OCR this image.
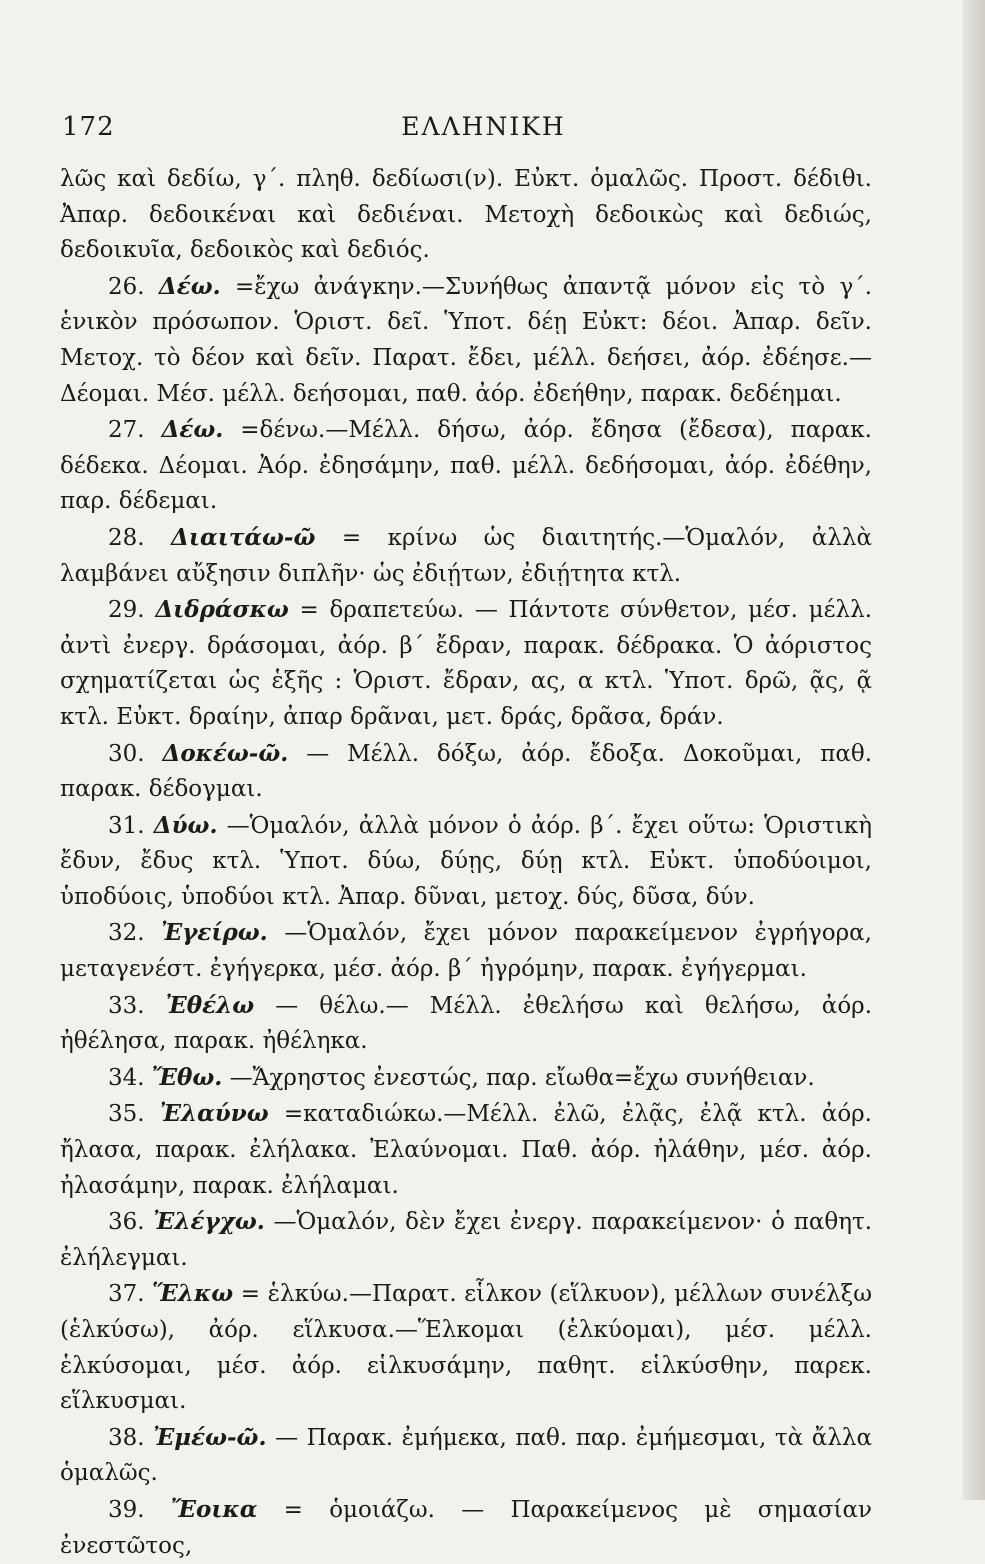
172	ΕΛΛΗΝΙΚΗ

λῶς καὶ δεδίω, γ΄. πληθ. δεδίωσι(ν). Εὐκτ. ὁμαλῶς. Προστ. δέδιθι. Ἀπαρ. δεδοικέναι καὶ δεδιέναι. Μετοχὴ δεδοικὼς καὶ δεδιώς, δεδοικυῖα, δεδοικὸς καὶ δεδιός.

26. Δέω. =ἔχω ἀνάγκην.—Συνήθως ἀπαντᾷ μόνον εἰς τὸ γ΄. ἑνικὸν πρόσωπον. Ὁριστ. δεῖ. Ὑποτ. δέῃ Εὐκτ: δέοι. Ἀπαρ. δεῖν. Μετοχ. τὸ δέον καὶ δεῖν. Παρατ. ἔδει, μέλλ. δεήσει, ἀόρ. ἐδέησε.—Δέομαι. Μέσ. μέλλ. δεήσομαι, παθ. ἀόρ. ἐδεήθην, παρακ. δεδέημαι.

27. Δέω. =δένω.—Μέλλ. δήσω, ἀόρ. ἔδησα (ἔδεσα), παρακ. δέδεκα. Δέομαι. Ἀόρ. ἐδησάμην, παθ. μέλλ. δεδήσομαι, ἀόρ. ἐδέθην, παρ. δέδεμαι.

28. Διαιτάω-ῶ = κρίνω ὡς διαιτητής.—Ὁμαλόν, ἀλλὰ λαμβάνει αὔξησιν διπλῆν· ὡς ἐδιῄτων, ἐδιῄτητα κτλ.

29. Διδράσκω = δραπετεύω. — Πάντοτε σύνθετον, μέσ. μέλλ. ἀντὶ ἐνεργ. δράσομαι, ἀόρ. β΄ ἔδραν, παρακ. δέδρακα. Ὁ ἀόριστος σχηματίζεται ὡς ἑξῆς : Ὁριστ. ἔδραν, ας, α κτλ. Ὑποτ. δρῶ, ᾷς, ᾷ κτλ. Εὐκτ. δραίην, ἀπαρ δρᾶναι, μετ. δράς, δρᾶσα, δράν.

30. Δοκέω-ῶ. — Μέλλ. δόξω, ἀόρ. ἔδοξα. Δοκοῦμαι, παθ. παρακ. δέδογμαι.

31. Δύω. —Ὁμαλόν, ἀλλὰ μόνον ὁ ἀόρ. β΄. ἔχει οὕτω: Ὁριστικὴ ἔδυν, ἔδυς κτλ. Ὑποτ. δύω, δύῃς, δύῃ κτλ. Εὐκτ. ὑποδύοιμοι, ὑποδύοις, ὑποδύοι κτλ. Ἀπαρ. δῦναι, μετοχ. δύς, δῦσα, δύν.

32. Ἐγείρω. —Ὁμαλόν, ἔχει μόνον παρακείμενον ἐγρήγορα, μεταγενέστ. ἐγήγερκα, μέσ. ἀόρ. β΄ ἠγρόμην, παρακ. ἐγήγερμαι.

33. Ἐθέλω — θέλω.— Μέλλ. ἐθελήσω καὶ θελήσω, ἀόρ. ἠθέλησα, παρακ. ἠθέληκα.

34. Ἔθω. —Ἄχρηστος ἐνεστώς, παρ. εἴωθα=ἔχω συνήθειαν.

35. Ἐλαύνω =καταδιώκω.—Μέλλ. ἐλῶ, ἐλᾷς, ἐλᾷ κτλ. ἀόρ. ἤλασα, παρακ. ἐλήλακα. Ἐλαύνομαι. Παθ. ἀόρ. ἠλάθην, μέσ. ἀόρ. ἠλασάμην, παρακ. ἐλήλαμαι.

36. Ἐλέγχω. —Ὁμαλόν, δὲν ἔχει ἐνεργ. παρακείμενον· ὁ παθητ. ἐλήλεγμαι.

37. Ἕλκω = ἑλκύω.—Παρατ. εἷλκον (εἵλκυον), μέλλων συνέλξω (ἑλκύσω), ἀόρ. εἵλκυσα.—Ἕλκομαι (ἑλκύομαι), μέσ. μέλλ. ἑλκύσομαι, μέσ. ἀόρ. εἱλκυσάμην, παθητ. εἱλκύσθην, παρεκ. εἵλκυσμαι.

38. Ἐμέω-ῶ. — Παρακ. ἐμήμεκα, παθ. παρ. ἐμήμεσμαι, τὰ ἄλλα ὁμαλῶς.

39. Ἔοικα = ὁμοιάζω. — Παρακείμενος μὲ σημασίαν ἐνεστῶτος,
